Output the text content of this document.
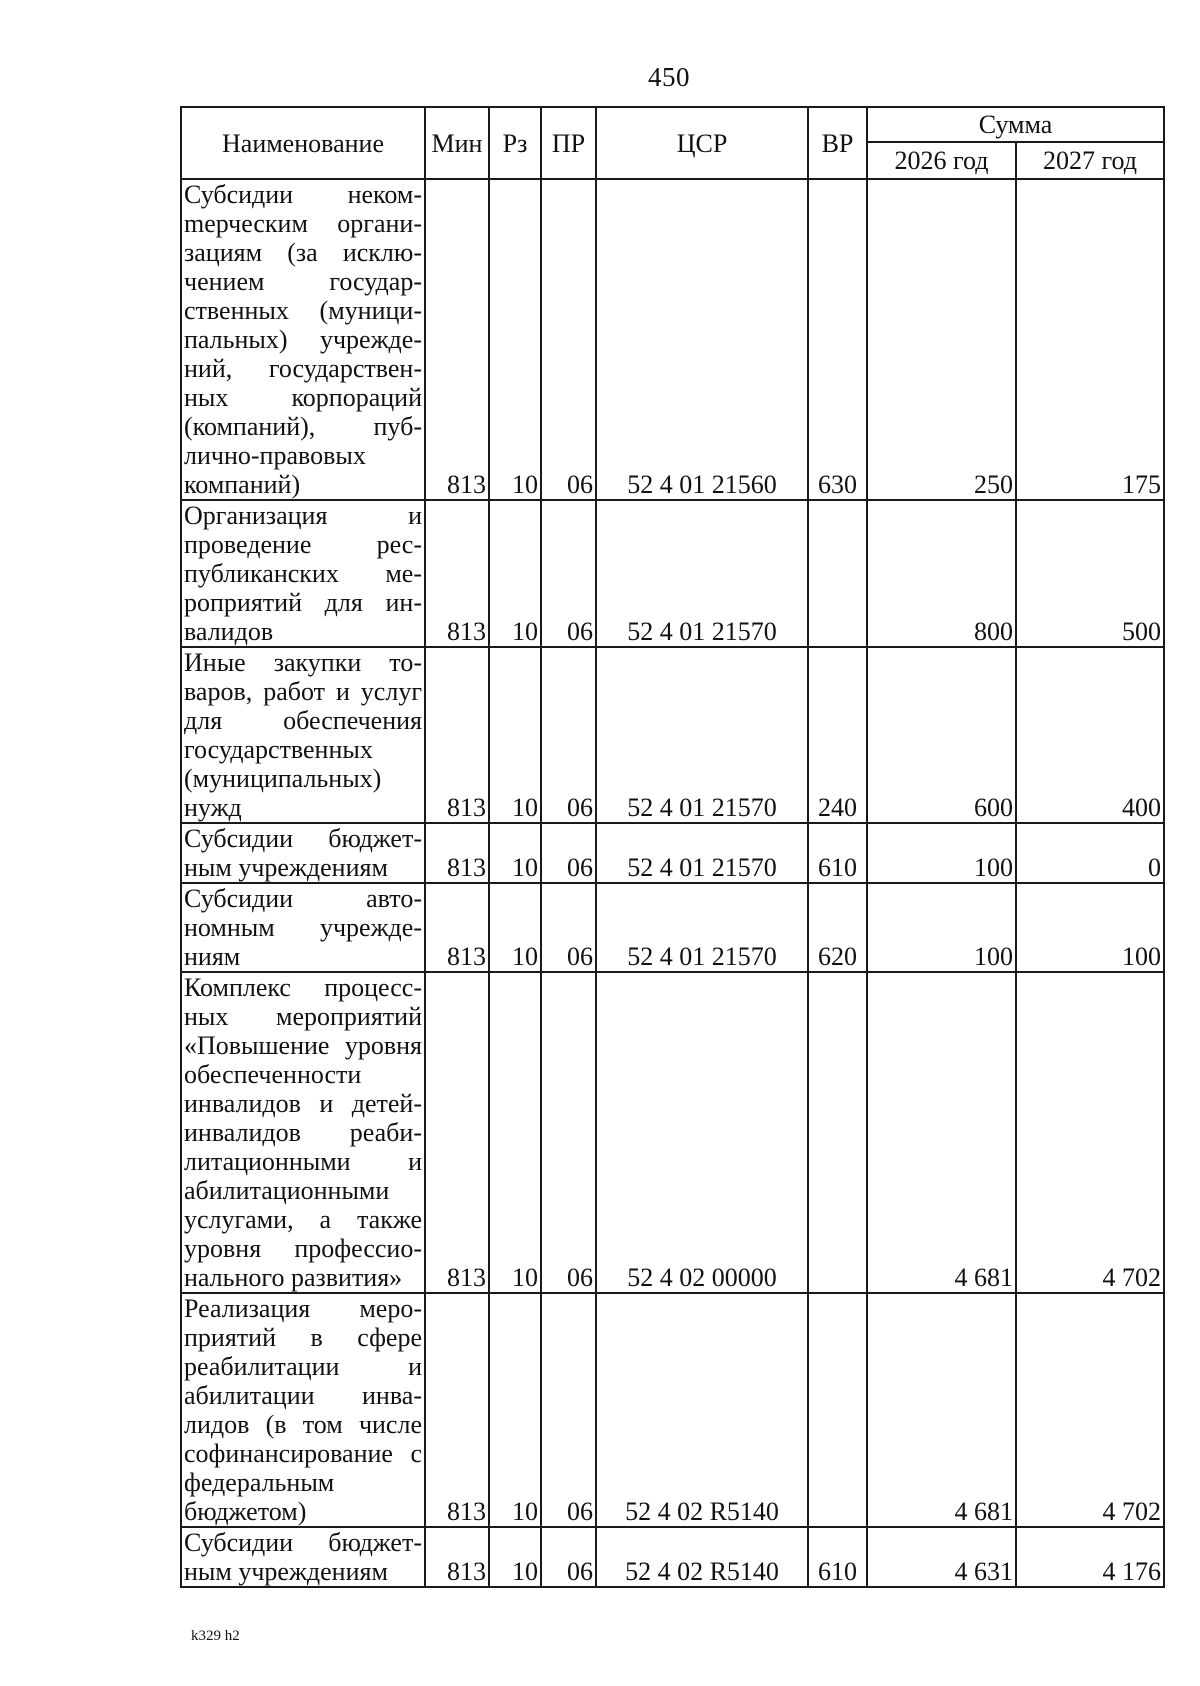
450
Наименование	Мин	Рз	ПР	ЦСР	ВР	Сумма	
						2026 год	2027 год
Субсидии некомmерческим организациям (за исключением государственных (муниципальных) учреждений, государственных корпораций (компаний), публично-правовых компаний)	813	10	06	52 4 01 21560	630	250	175
Организация и проведение республиканских мероприятий для инвалидов	813	10	06	52 4 01 21570		800	500
Иные закупки товаров, работ и услуг для обеспечения государственных (муниципальных) нужд	813	10	06	52 4 01 21570	240	600	400
Субсидии бюджетным учреждениям	813	10	06	52 4 01 21570	610	100	0
Субсидии автономным учреждениям	813	10	06	52 4 01 21570	620	100	100
Комплекс процессных мероприятий «Повышение уровня обеспеченности инвалидов и детей-инвалидов реабилитационными и абилитационными услугами, а также уровня профессионального развития»	813	10	06	52 4 02 00000		4 681	4 702
Реализация мероприятий в сфере реабилитации и абилитации инвалидов (в том числе софинансирование с федеральным бюджетом)	813	10	06	52 4 02 R5140		4 681	4 702
Субсидии бюджетным учреждениям	813	10	06	52 4 02 R5140	610	4 631	4 176
k329 h2
